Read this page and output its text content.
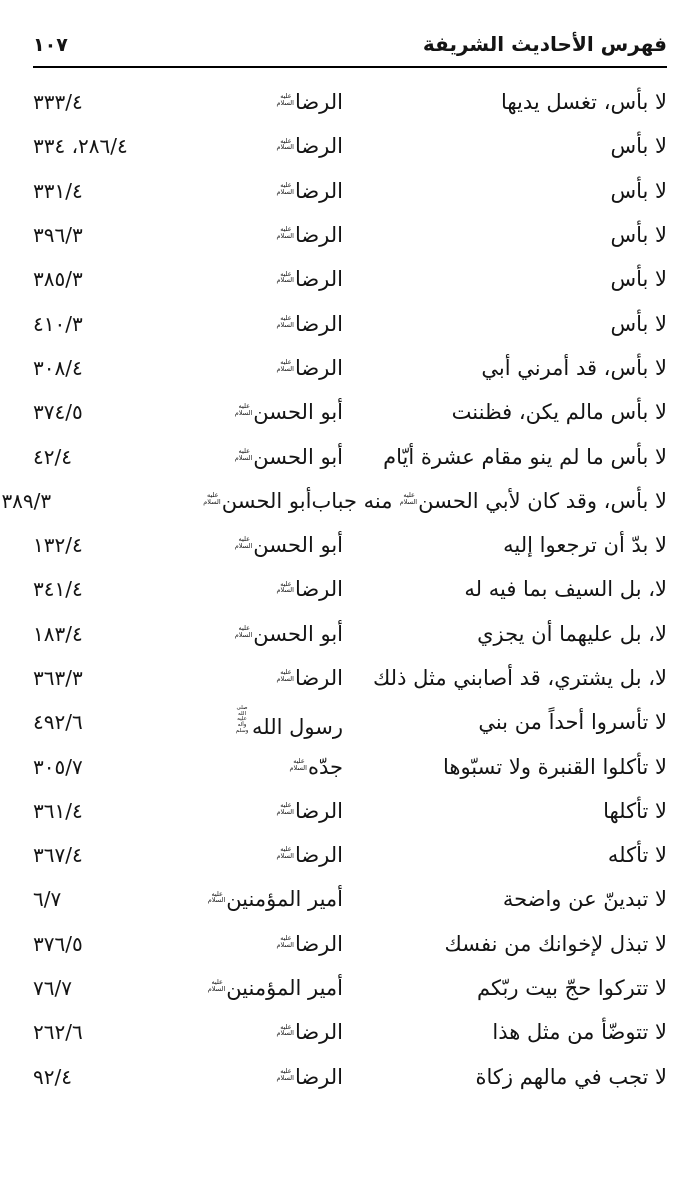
فهرس الأحاديث الشريفة
١٠٧
لا بأس، تغسل يديها
الرضاعليه السلام
٣٣٣/٤
لا بأس
الرضاعليه السلام
٢٨٦/٤، ٣٣٤
لا بأس
الرضاعليه السلام
٣٣١/٤
لا بأس
الرضاعليه السلام
٣٩٦/٣
لا بأس
الرضاعليه السلام
٣٨٥/٣
لا بأس
الرضاعليه السلام
٤١٠/٣
لا بأس، قد أمرني أبي
الرضاعليه السلام
٣٠٨/٤
لا بأس مالم يكن، فظننت
أبو الحسنعليه السلام
٣٧٤/٥
لا بأس ما لم ينو مقام عشرة أيّام
أبو الحسنعليه السلام
٤٢/٤
لا بأس، وقد كان لأبي الحسنعليه السلام منه جباب
أبو الحسنعليه السلام
٣٨٩/٣
لا بدّ أن ترجعوا إليه
أبو الحسنعليه السلام
١٣٢/٤
لا، بل السيف بما فيه له
الرضاعليه السلام
٣٤١/٤
لا، بل عليهما أن يجزي
أبو الحسنعليه السلام
١٨٣/٤
لا، بل يشتري، قد أصابني مثل ذلك
الرضاعليه السلام
٣٦٣/٣
لا تأسروا أحداً من بني
رسول اللهصلى الله عليه وآله وسلم
٤٩٢/٦
لا تأكلوا القنبرة ولا تسبّوها
جدّهعليه السلام
٣٠٥/٧
لا تأكلها
الرضاعليه السلام
٣٦١/٤
لا تأكله
الرضاعليه السلام
٣٦٧/٤
لا تبدينّ عن واضحة
أمير المؤمنينعليه السلام
٦/٧
لا تبذل لإخوانك من نفسك
الرضاعليه السلام
٣٧٦/٥
لا تتركوا حجّ بيت ربّكم
أمير المؤمنينعليه السلام
٧٦/٧
لا تتوضّأ من مثل هذا
الرضاعليه السلام
٢٦٢/٦
لا تجب في مالهم زكاة
الرضاعليه السلام
٩٢/٤
